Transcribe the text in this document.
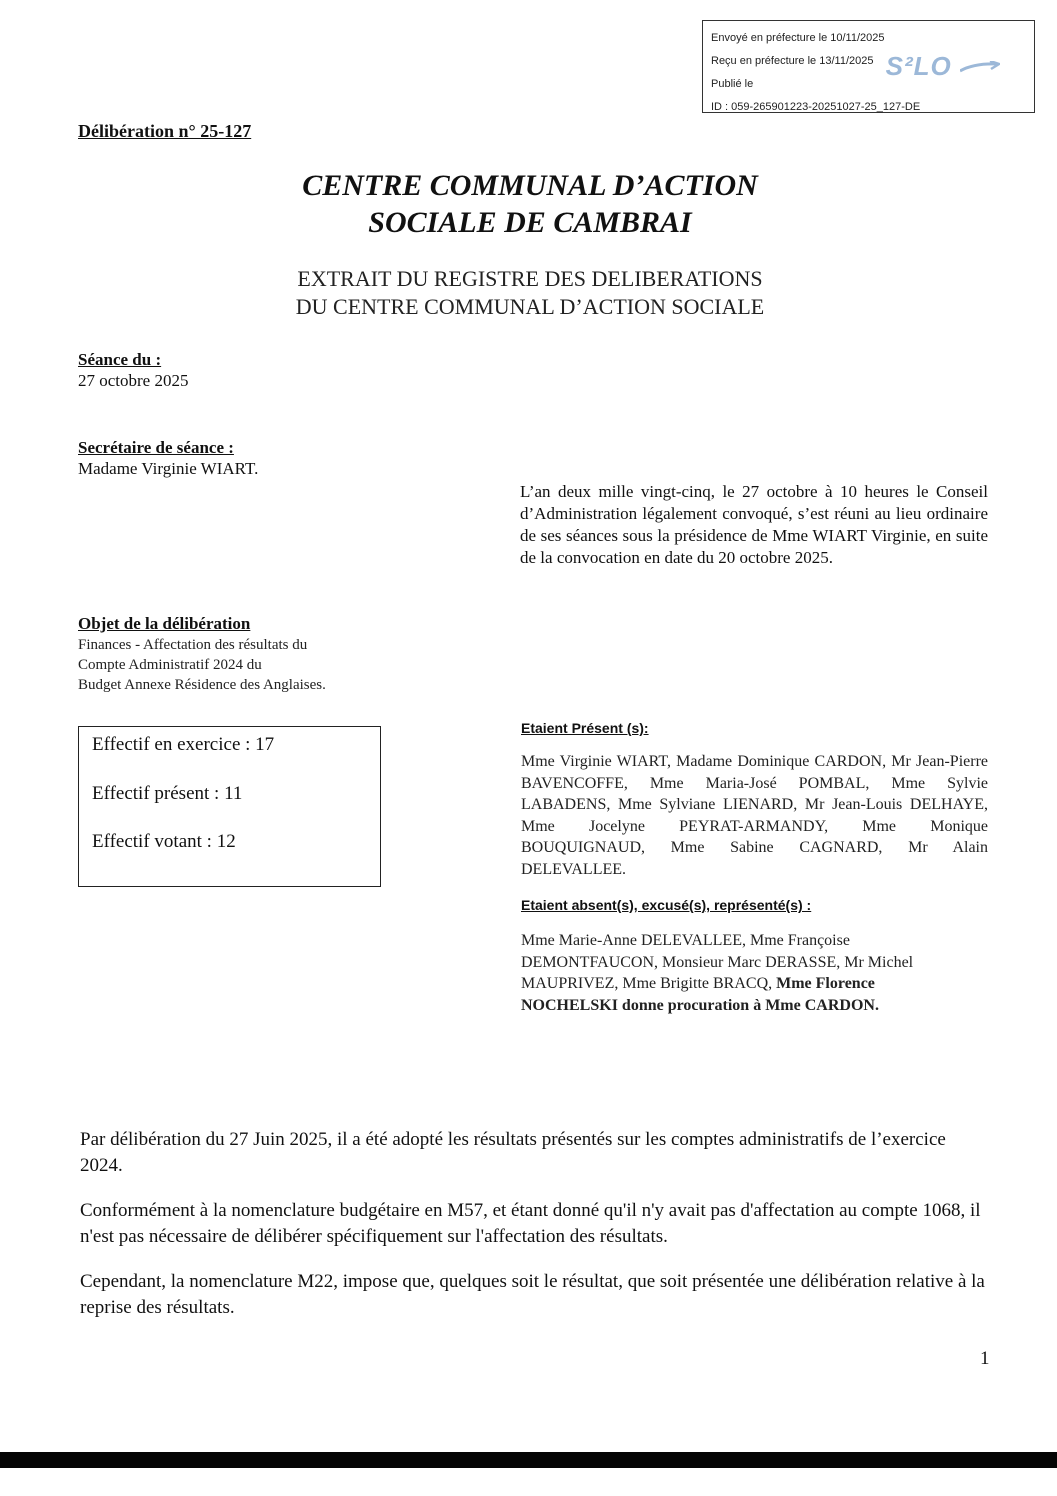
Envoyé en préfecture le 10/11/2025
Reçu en préfecture le 13/11/2025
Publié le
ID : 059-265901223-20251027-25_127-DE
S²LO
Délibération n° 25-127
CENTRE COMMUNAL D’ACTION
SOCIALE DE CAMBRAI
EXTRAIT DU REGISTRE DES DELIBERATIONS
DU CENTRE COMMUNAL D’ACTION SOCIALE
Séance du :
27 octobre 2025
Secrétaire de séance :
Madame Virginie WIART.
L’an deux mille vingt-cinq, le 27 octobre à 10 heures le Conseil d’Administration légalement convoqué, s’est réuni au lieu ordinaire de ses séances sous la présidence de Mme WIART Virginie, en suite de la convocation en date du 20 octobre 2025.
Objet de la délibération
Finances - Affectation des résultats du
Compte Administratif 2024 du
Budget Annexe Résidence des Anglaises.
Effectif en exercice : 17
Effectif présent : 11
Effectif votant : 12
Etaient Présent (s):
Mme Virginie WIART, Madame Dominique CARDON, Mr Jean-Pierre BAVENCOFFE, Mme Maria-José POMBAL, Mme Sylvie LABADENS, Mme Sylviane LIENARD, Mr Jean-Louis DELHAYE, Mme Jocelyne PEYRAT-ARMANDY, Mme Monique BOUQUIGNAUD, Mme Sabine CAGNARD, Mr Alain DELEVALLEE.
Etaient absent(s), excusé(s), représenté(s) :
Mme Marie-Anne DELEVALLEE, Mme Françoise
DEMONTFAUCON, Monsieur Marc DERASSE, Mr Michel
MAUPRIVEZ, Mme Brigitte BRACQ, Mme Florence
NOCHELSKI donne procuration à Mme CARDON.
Par délibération du 27 Juin 2025, il a été adopté les résultats présentés sur les comptes administratifs de l’exercice 2024.
Conformément à la nomenclature budgétaire en M57, et étant donné qu'il n'y avait pas d'affectation au compte 1068, il n'est pas nécessaire de délibérer spécifiquement sur l'affectation des résultats.
Cependant, la nomenclature M22, impose que, quelques soit le résultat, que soit présentée une délibération relative à la reprise des résultats.
1
